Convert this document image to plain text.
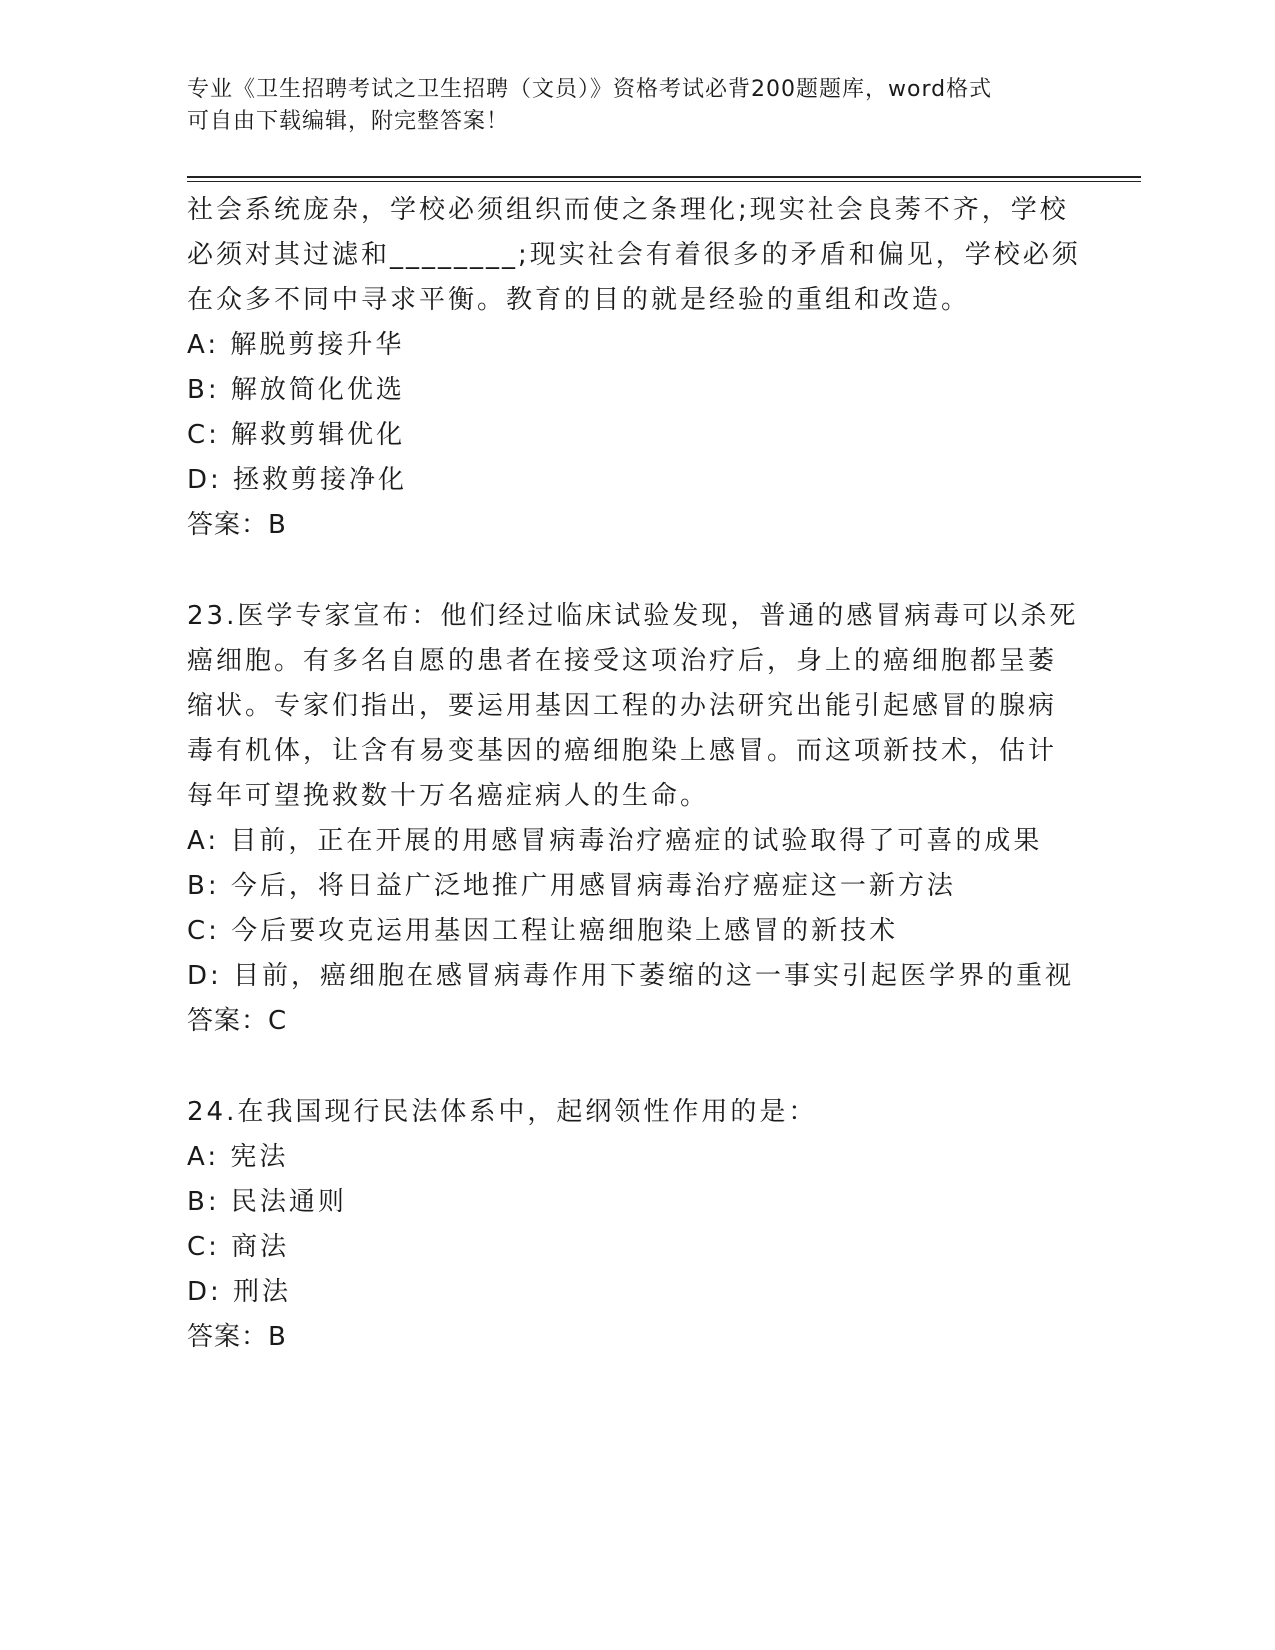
专业《卫生招聘考试之卫生招聘（文员）》资格考试必背200题题库，word格式
可自由下载编辑，附完整答案！
社会系统庞杂，学校必须组织而使之条理化;现实社会良莠不齐，学校
必须对其过滤和________;现实社会有着很多的矛盾和偏见，学校必须
在众多不同中寻求平衡。教育的目的就是经验的重组和改造。
A: 解脱剪接升华
B: 解放简化优选
C: 解救剪辑优化
D: 拯救剪接净化
答案：B
23.医学专家宣布：他们经过临床试验发现，普通的感冒病毒可以杀死
癌细胞。有多名自愿的患者在接受这项治疗后，身上的癌细胞都呈萎
缩状。专家们指出，要运用基因工程的办法研究出能引起感冒的腺病
毒有机体，让含有易变基因的癌细胞染上感冒。而这项新技术，估计
每年可望挽救数十万名癌症病人的生命。
A: 目前，正在开展的用感冒病毒治疗癌症的试验取得了可喜的成果
B: 今后，将日益广泛地推广用感冒病毒治疗癌症这一新方法
C: 今后要攻克运用基因工程让癌细胞染上感冒的新技术
D: 目前，癌细胞在感冒病毒作用下萎缩的这一事实引起医学界的重视
答案：C
24.在我国现行民法体系中，起纲领性作用的是：
A: 宪法
B: 民法通则
C: 商法
D: 刑法
答案：B
